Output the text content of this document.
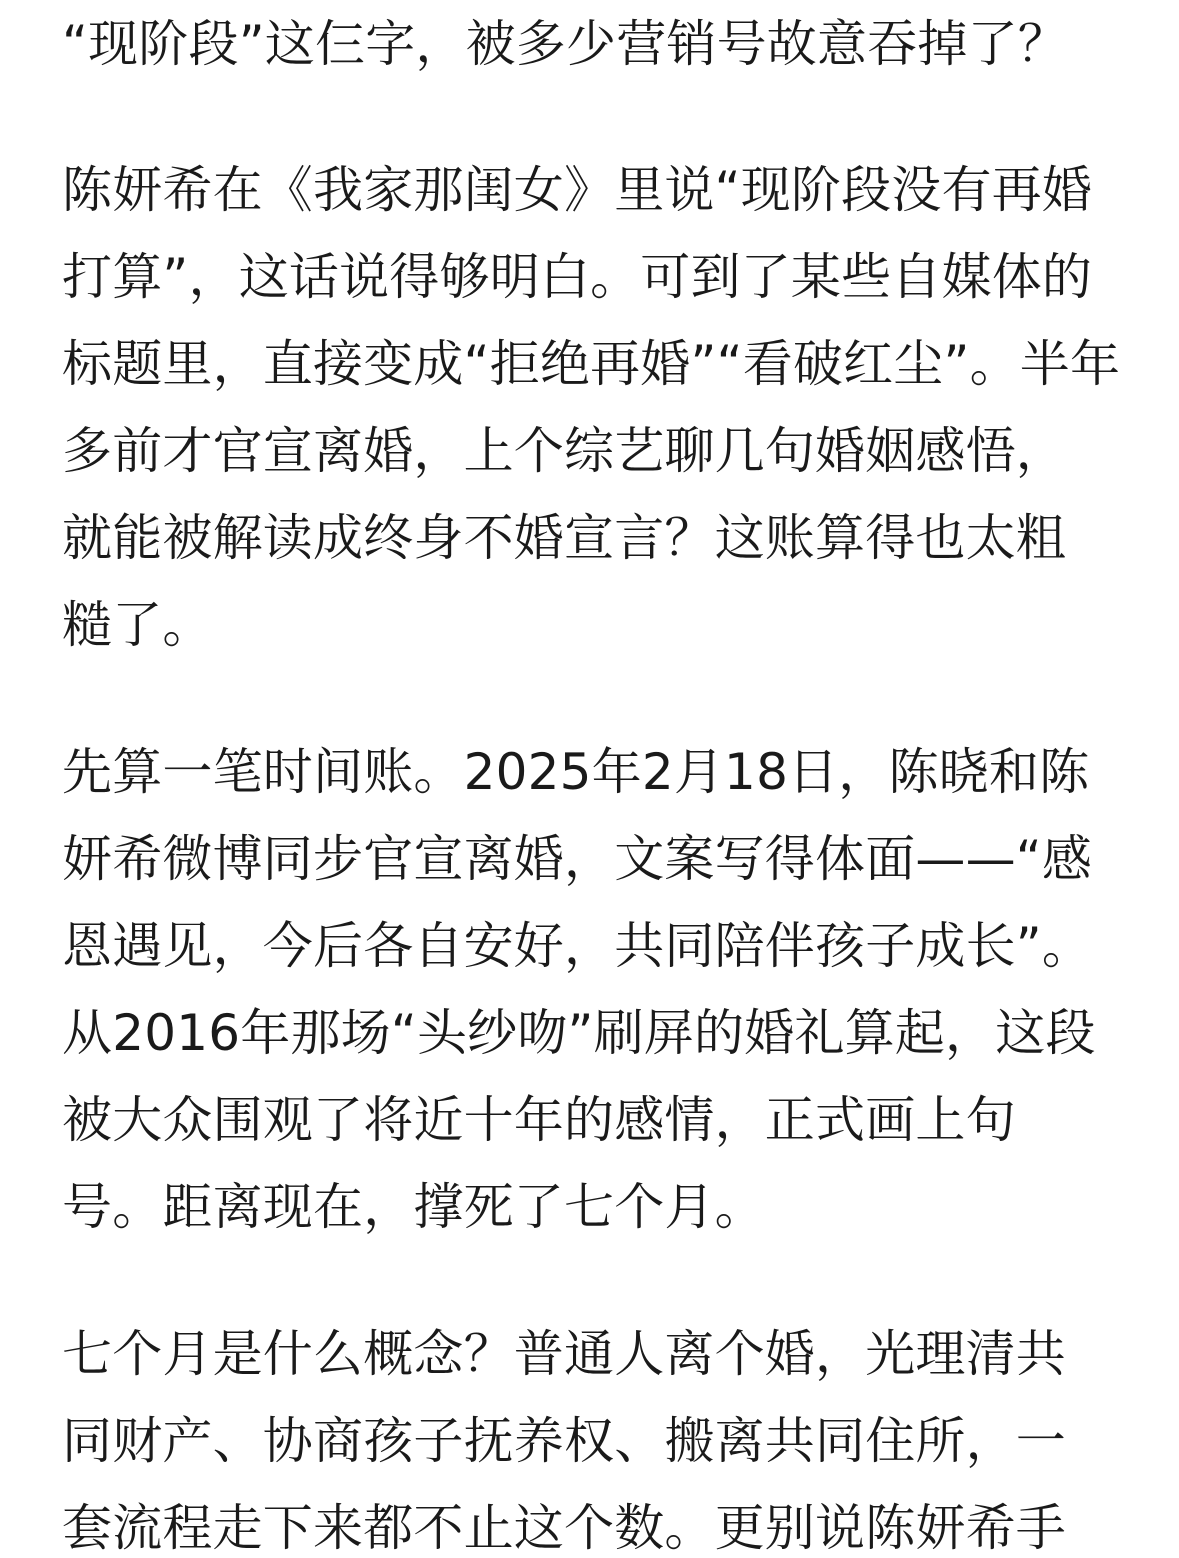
“现阶段”这仨字，被多少营销号故意吞掉了？
陈妍希在《我家那闺女》里说“现阶段没有再婚
打算”，这话说得够明白。可到了某些自媒体的
标题里，直接变成“拒绝再婚”“看破红尘”。半年
多前才官宣离婚，上个综艺聊几句婚姻感悟，
就能被解读成终身不婚宣言？这账算得也太粗
糙了。
先算一笔时间账。2025年2月18日，陈晓和陈
妍希微博同步官宣离婚，文案写得体面——“感
恩遇见，今后各自安好，共同陪伴孩子成长”。
从2016年那场“头纱吻”刷屏的婚礼算起，这段
被大众围观了将近十年的感情，正式画上句
号。距离现在，撑死了七个月。
七个月是什么概念？普通人离个婚，光理清共
同财产、协商孩子抚养权、搬离共同住所，一
套流程走下来都不止这个数。更别说陈妍希手
